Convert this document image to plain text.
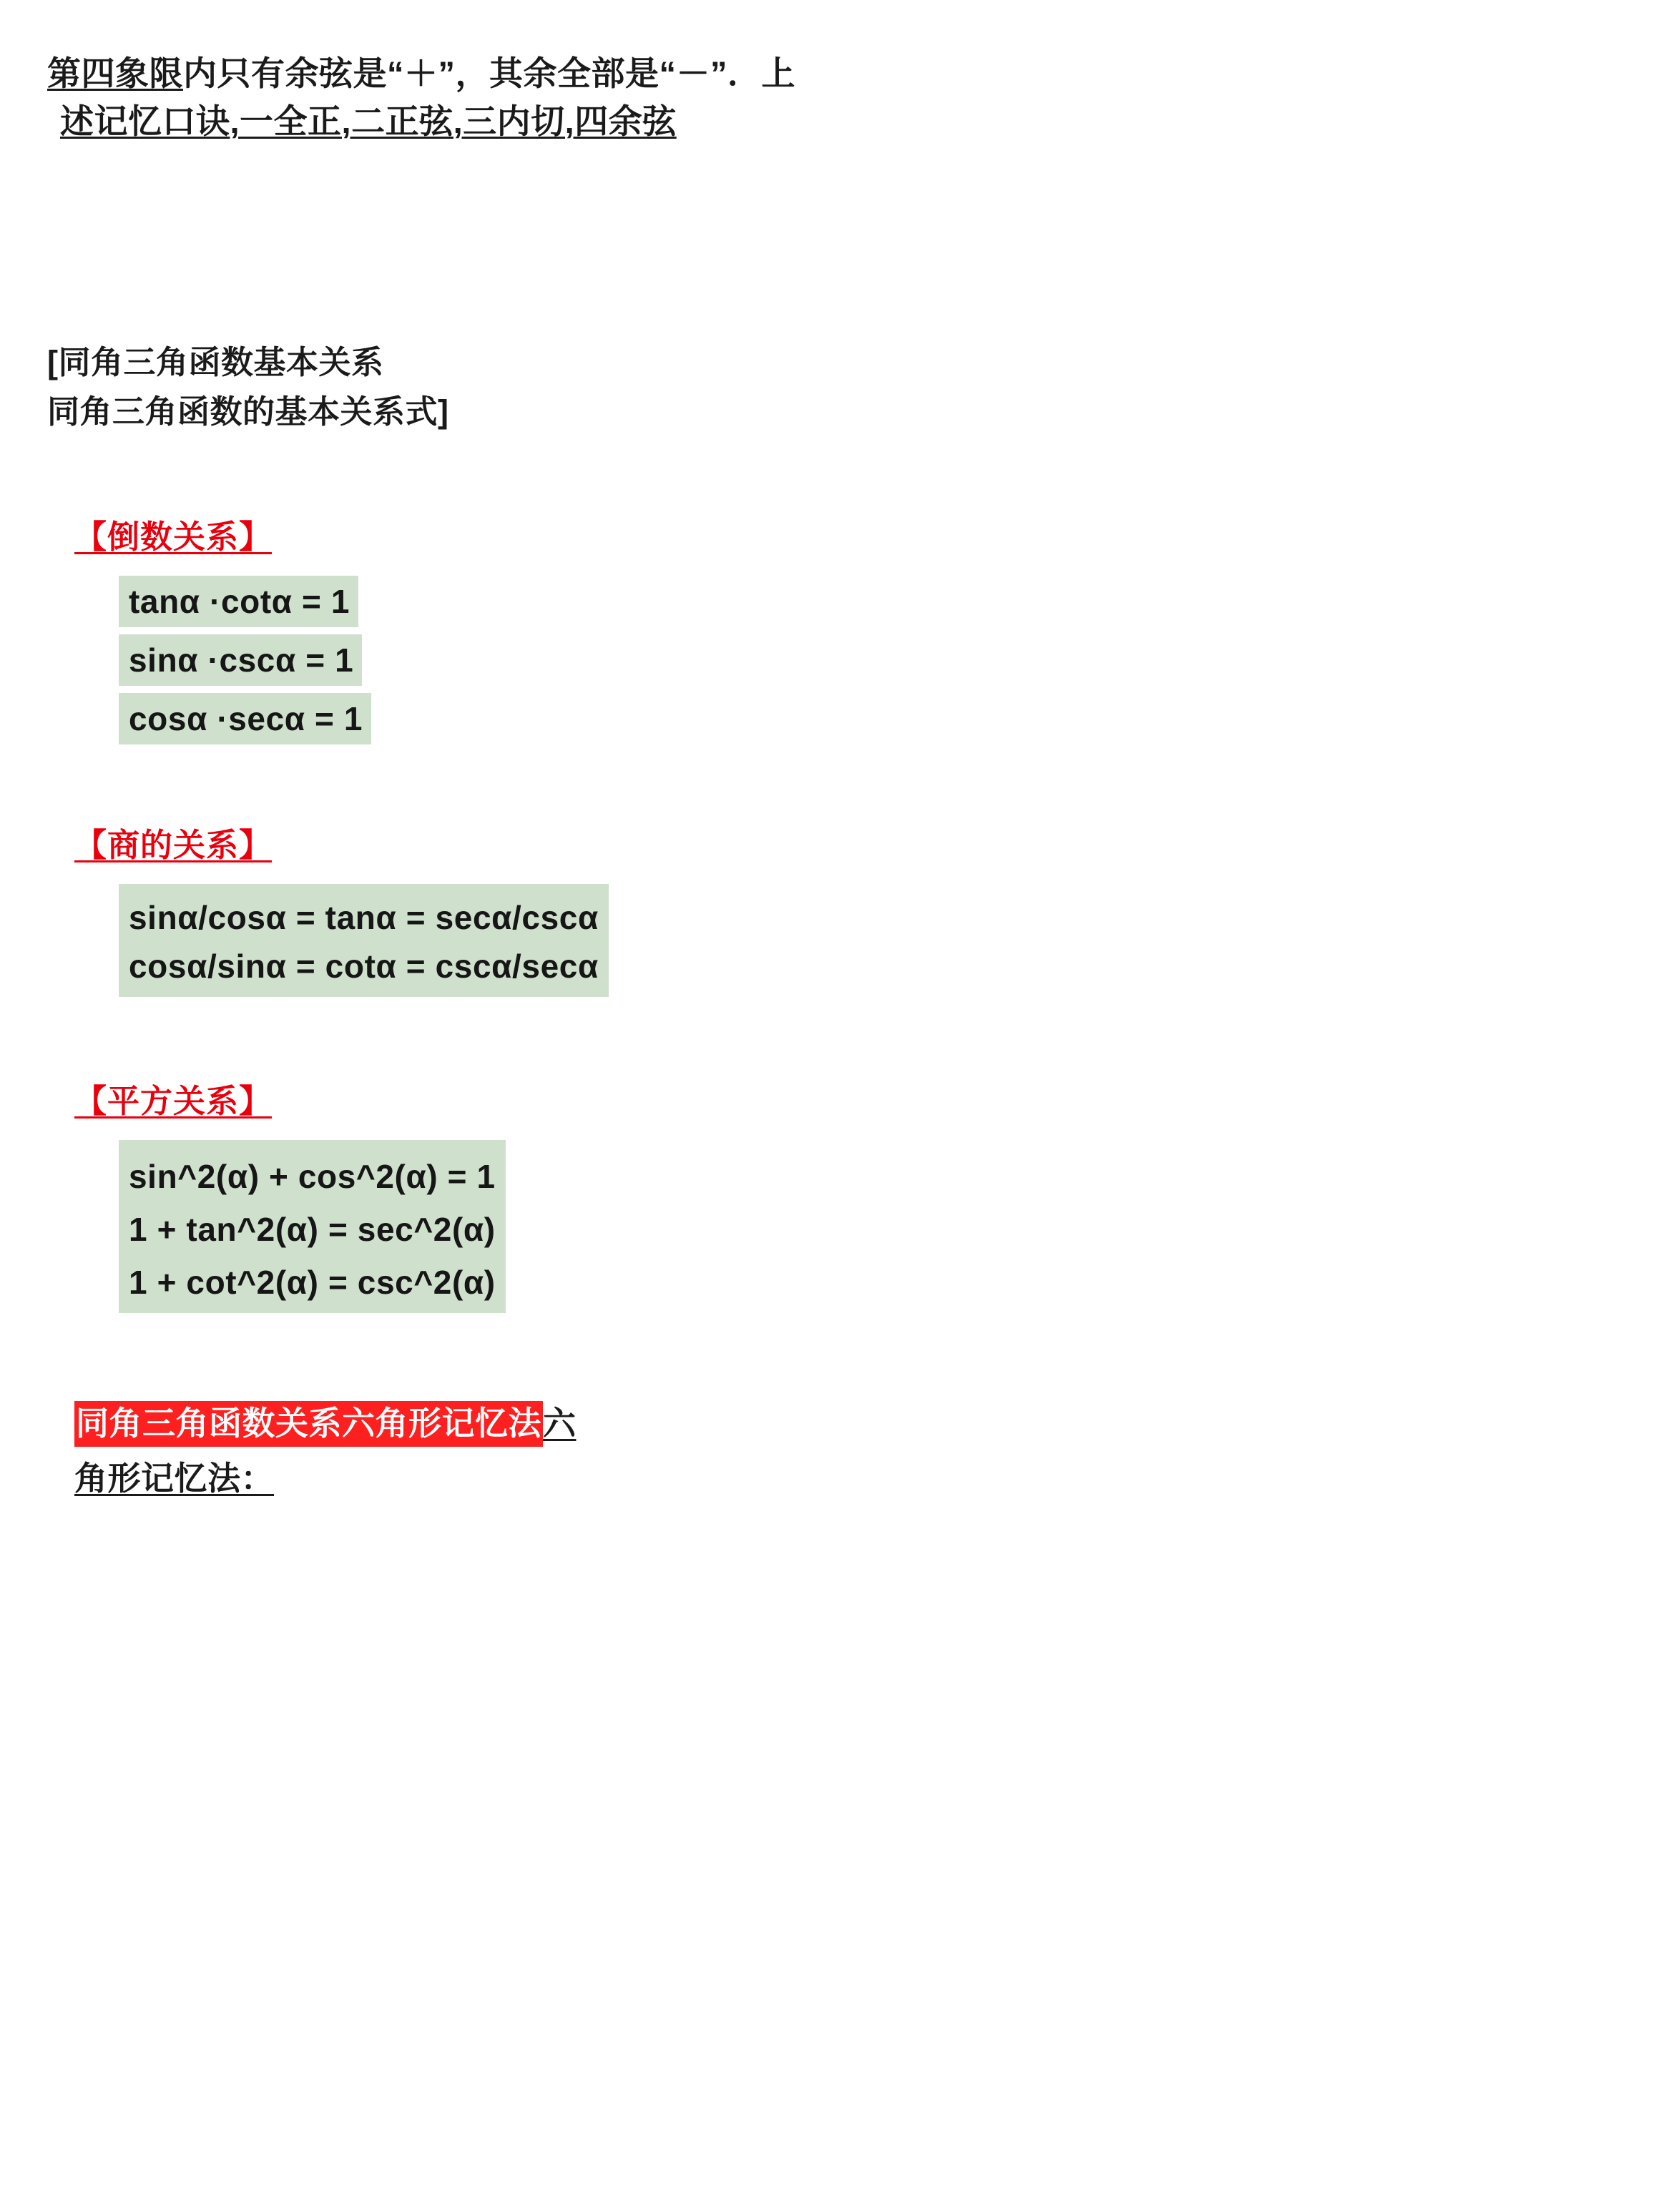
第四象限内只有余弦是“＋”，其余全部是“－”．上
述记忆口诀,一全正,二正弦,三内切,四余弦
[同角三角函数基本关系
同角三角函数的基本关系式]
【倒数关系】
tanα ·cotα = 1
sinα ·cscα = 1
cosα ·secα = 1
【商的关系】
sinα/cosα = tanα = secα/cscα
cosα/sinα = cotα = cscα/secα
【平方关系】
sin^2(α) + cos^2(α) = 1
1 + tan^2(α) = sec^2(α)
1 + cot^2(α) = csc^2(α)
同角三角函数关系六角形记忆法六
角形记忆法：
